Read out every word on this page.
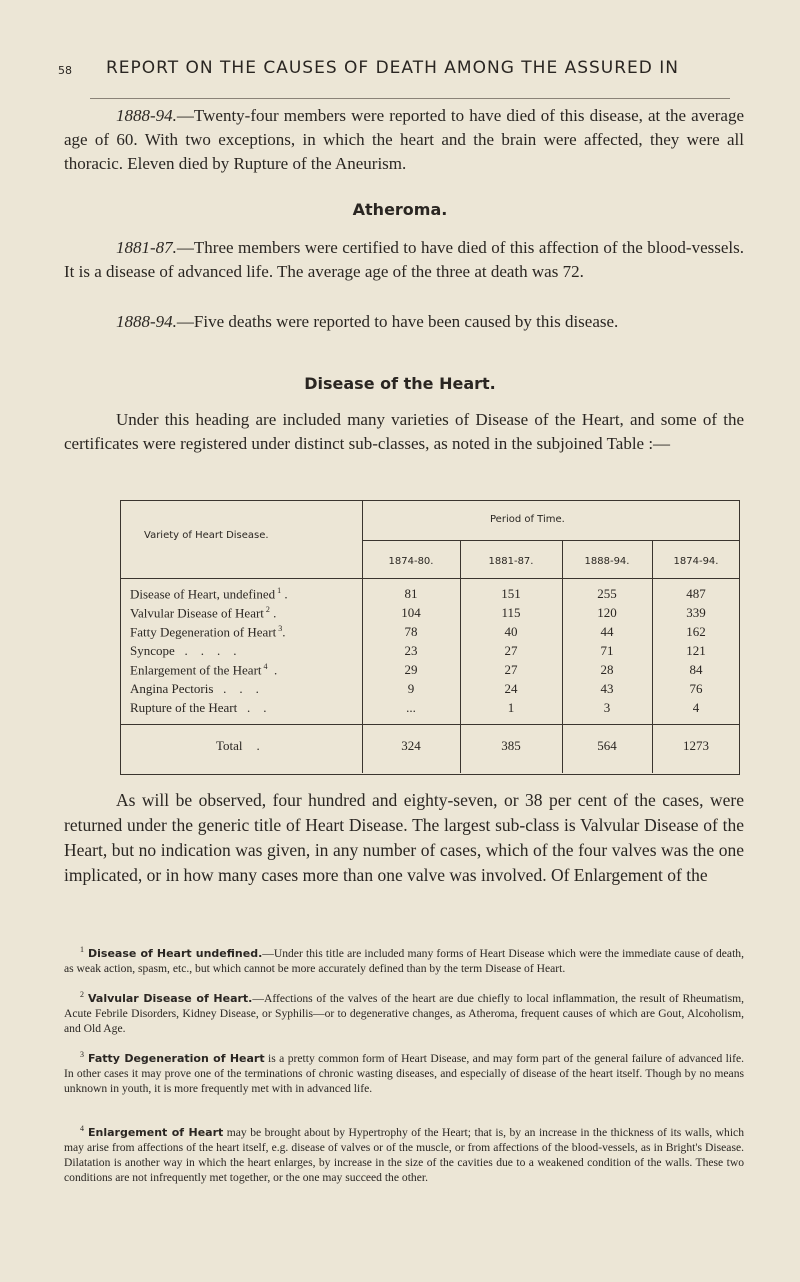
58 REPORT ON THE CAUSES OF DEATH AMONG THE ASSURED IN
1888-94.—Twenty-four members were reported to have died of this disease, at the average age of 60. With two exceptions, in which the heart and the brain were affected, they were all thoracic. Eleven died by Rupture of the Aneurism.
Atheroma.
1881-87.—Three members were certified to have died of this affection of the blood-vessels. It is a disease of advanced life. The average age of the three at death was 72.
1888-94.—Five deaths were reported to have been caused by this disease.
Disease of the Heart.
Under this heading are included many varieties of Disease of the Heart, and some of the certificates were registered under distinct sub-classes, as noted in the subjoined Table :—
Variety of Heart Disease.
Period of Time.
1874-80.	1881-87.	1888-94.	1874-94.
Disease of Heart, undefined $^1$ .	81	151	255	487
Valvular Disease of Heart $^2$ .	104	115	120	339
Fatty Degeneration of Heart $^3$.	78	40	44	162
Syncope   .    .    .    .	23	27	71	121
Enlargement of the Heart $^4$  .	29	27	28	84
Angina Pectoris   .    .    .	9	24	43	76
Rupture of the Heart   .    .	...	1	3	4
Total .	324	385	564	1273
As will be observed, four hundred and eighty-seven, or 38 per cent of the cases, were returned under the generic title of Heart Disease. The largest sub-class is Valvular Disease of the Heart, but no indication was given, in any number of cases, which of the four valves was the one implicated, or in how many cases more than one valve was involved. Of Enlargement of the
$^1$ Disease of Heart undefined.—Under this title are included many forms of Heart Disease which were the immediate cause of death, as weak action, spasm, etc., but which cannot be more accurately defined than by the term Disease of Heart.
$^2$ Valvular Disease of Heart.—Affections of the valves of the heart are due chiefly to local inflammation, the result of Rheumatism, Acute Febrile Disorders, Kidney Disease, or Syphilis—or to degenerative changes, as Atheroma, frequent causes of which are Gout, Alcoholism, and Old Age.
$^3$ Fatty Degeneration of Heart is a pretty common form of Heart Disease, and may form part of the general failure of advanced life. In other cases it may prove one of the terminations of chronic wasting diseases, and especially of disease of the heart itself. Though by no means unknown in youth, it is more frequently met with in advanced life.
$^4$ Enlargement of Heart may be brought about by Hypertrophy of the Heart; that is, by an increase in the thickness of its walls, which may arise from affections of the heart itself, e.g. disease of valves or of the muscle, or from affections of the blood-vessels, as in Bright's Disease. Dilatation is another way in which the heart enlarges, by increase in the size of the cavities due to a weakened condition of the walls. These two conditions are not infrequently met together, or the one may succeed the other.
